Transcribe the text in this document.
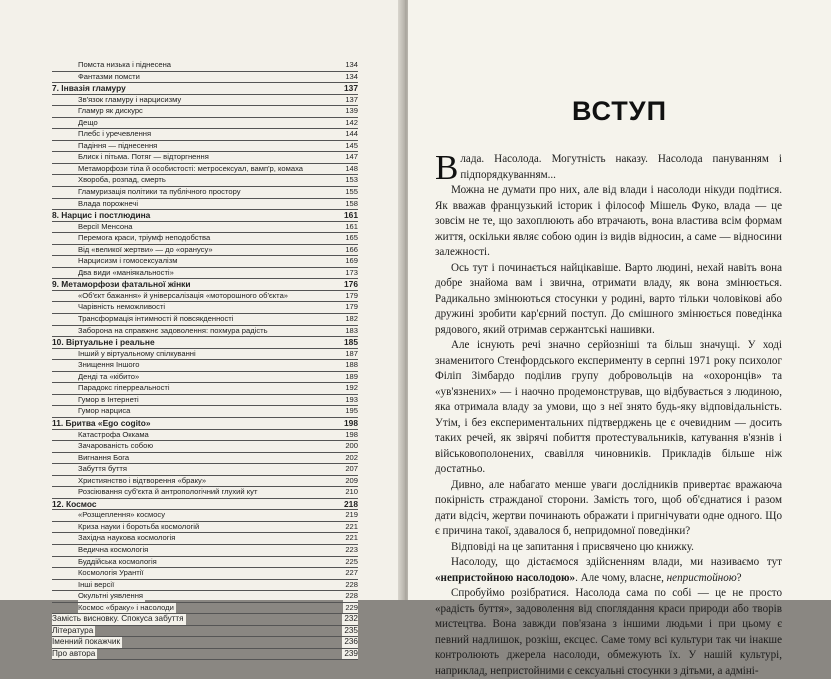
Помста низька і піднесена	134
Фантазми помсти	134
7. Інвазія гламуру	137
Зв'язок гламуру і нарцисизму	137
Гламур як дискурс	139
Дещо	142
Плебс і уречевлення	144
Падіння — піднесення	145
Блиск і пітьма. Потяг — відторгнення	147
Метаморфози тіла й особистості: метросексуал, вамп'р, комаха	148
Хвороба, розпад, смерть	153
Гламуризація політики та публічного простору	155
Влада порожнечі	158
8. Нарцис і постлюдина	161
Версії Мeнсона	161
Перемога краси, тріумф неподобства	165
Від «великої жертви» — до «оранусу»	166
Нарцисизм і гомосексуалізм	169
Два види «маніякальності»	173
9. Метаморфози фатальної жінки	176
«Об'єкт бажання» й універсалізація «моторошного об'єкта»	179
Чарівність неможливості	179
Трансформація інтимності й повсякденності	182
Заборона на справжнє задоволення: похмура радість	183
10. Віртуальне і реальне	185
Інший у віртуальному спілкуванні	187
Знищення Іншого	188
Денді та «кібито»	189
Парадокс гіперреальності	192
Гумор в Інтернеті	193
Гумор нарциса	195
11. Бритва «Ego cogito»	198
Катастрофа Оккама	198
Зачарованість собою	200
Вигнання Бога	202
Забуття буття	207
Християнство і відтворення «браку»	209
Розсіювання суб'єкта й антропологічний глухий кут	210
12. Космос	218
«Розщеплення» космосу	219
Криза науки і боротьба космологій	221
Західна наукова космологія	221
Ведична космологія	223
Буддійська космологія	225
Космологія Урантії	227
Інші версії	228
Окультні уявлення	228
Космос «браку» і насолоди	229
Замість висновку. Спокуса забуття	232
Література	235
Іменний покажчик	236
Про автора	239
ВСТУП

Влада. Насолода. Могутність наказу. Насолода пануванням і підпорядкуванням...

Можна не думати про них, але від влади і насолоди нікуди подітися. Як вважав французький історик і філософ Мішель Фуко, влада — це зовсім не те, що захоплюють або втрачають, вона властива всім формам життя, оскільки являє собою один із видів відносин, а саме — відносини залежності.

Ось тут і починається найцікавіше. Варто людині, нехай навіть вона добре знайома вам і звична, отримати владу, як вона змінюється. Радикально змінюються стосунки у родині, варто тільки чоловікові або дружині зробити кар'єрний поступ. До смішного змінюється поведінка рядового, який отримав сержантські нашивки.

Але існують речі значно серйозніші та більш значущі. У ході знаменитого Стенфордського експерименту в серпні 1971 року психолог Філіп Зімбардо поділив групу добровольців на «охоронців» та «ув'язнених» — і наочно продемонстрував, що відбувається з людиною, яка отримала владу за умови, що з неї знято будь-яку відповідальність. Утім, і без експериментальних підтверджень це є очевидним — досить таких речей, як звірячі побиття протестувальників, катування в'язнів і військовополонених, свавілля чиновників. Прикладів більше ніж достатньо.

Дивно, але набагато менше уваги дослідників привертає вражаюча покірність стражданої сторони. Замість того, щоб об'єднатися і разом дати відсіч, жертви починають ображати і пригнічувати одне одного. Що є причина такої, здавалося б, непридомної поведінки?

Відповіді на це запитання і присвячено цю книжку.

Насолоду, що дістаємося здійсненням влади, ми називаємо тут «непристойною насолодою». Але чому, власне, непристойною?

Спробуймо розібратися. Насолода сама по собі — це не просто «радість буття», задоволення від споглядання краси природи або творів мистецтва. Вона завжди пов'язана з іншими людьми і при цьому є певний надлишок, розкіш, ексцес. Саме тому всі культури так чи інакше контролюють джерела насолоди, обмежують їх. У нашій культурі, наприклад, непристойними є сексуальні стосунки з дітьми, а адміні-
